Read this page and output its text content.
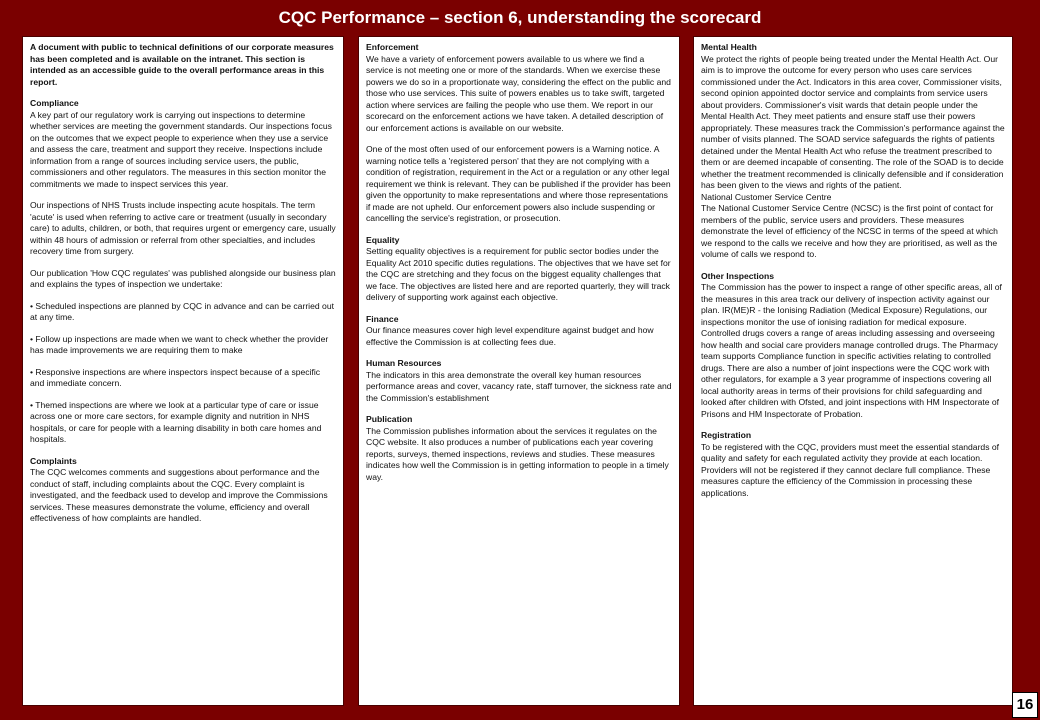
CQC Performance – section 6, understanding the scorecard

A document with public to technical definitions of our corporate measures has been completed and is available on the intranet. This section is intended as an accessible guide to the overall performance areas in this report.

Compliance
A key part of our regulatory work is carrying out inspections to determine whether services are meeting the government standards. Our inspections focus on the outcomes that we expect people to experience when they use a service and assess the care, treatment and support they receive. Inspections include information from a range of sources including service users, the public, commissioners and other regulators. The measures in this section monitor the commitments we made to inspect services this year.

Our inspections of NHS Trusts include inspecting acute hospitals. The term 'acute' is used when referring to active care or treatment (usually in secondary care) to adults, children, or both, that requires urgent or emergency care, usually within 48 hours of admission or referral from other specialties, and includes recovery time from surgery.

Our publication 'How CQC regulates' was published alongside our business plan and explains the types of inspection we undertake:

• Scheduled inspections are planned by CQC in advance and can be carried out at any time.

• Follow up inspections are made when we want to check whether the provider has made improvements we are requiring them to make

• Responsive inspections are where inspectors inspect because of a specific and immediate concern.

• Themed inspections are where we look at a particular type of care or issue across one or more care sectors, for example dignity and nutrition in NHS hospitals, or care for people with a learning disability in both care homes and hospitals.

Complaints
The CQC welcomes comments and suggestions about performance and the conduct of staff, including complaints about the CQC. Every complaint is investigated, and the feedback used to develop and improve the Commissions services. These measures demonstrate the volume, efficiency and overall effectiveness of how complaints are handled.

Enforcement
We have a variety of enforcement powers available to us where we find a service is not meeting one or more of the standards. When we exercise these powers we do so in a proportionate way, considering the effect on the public and those who use services. This suite of powers enables us to take swift, targeted action where services are failing the people who use them. We report in our scorecard on the enforcement actions we have taken. A detailed description of our enforcement actions is available on our website.

One of the most often used of our enforcement powers is a Warning notice. A warning notice tells a 'registered person' that they are not complying with a condition of registration, requirement in the Act or a regulation or any other legal requirement we think is relevant. They can be published if the provider has been given the opportunity to make representations and where those representations if made are not upheld. Our enforcement powers also include suspending or cancelling the service's registration, or prosecution.

Equality
Setting equality objectives is a requirement for public sector bodies under the Equality Act 2010 specific duties regulations. The objectives that we have set for the CQC are stretching and they focus on the biggest equality challenges that we face. The objectives are listed here and are reported quarterly, they will track delivery of supporting work against each objective.

Finance
Our finance measures cover high level expenditure against budget and how effective the Commission is at collecting fees due.

Human Resources
The indicators in this area demonstrate the overall key human resources performance areas and cover, vacancy rate, staff turnover, the sickness rate and the Commission's establishment

Publication
The Commission publishes information about the services it regulates on the CQC website. It also produces a number of publications each year covering reports, surveys, themed inspections, reviews and studies. These measures indicates how well the Commission is in getting information to people in a timely way.

Mental Health
We protect the rights of people being treated under the Mental Health Act. Our aim is to improve the outcome for every person who uses care services commissioned under the Act. Indicators in this area cover, Commissioner visits, second opinion appointed doctor service and complaints from service users about providers. Commissioner's visit wards that detain people under the Mental Health Act. They meet patients and ensure staff use their powers appropriately. These measures track the Commission's performance against the number of visits planned. The SOAD service safeguards the rights of patients detained under the Mental Health Act who refuse the treatment prescribed to them or are deemed incapable of consenting. The role of the SOAD is to decide whether the treatment recommended is clinically defensible and if consideration has been given to the views and rights of the patient.

National Customer Service Centre
The National Customer Service Centre (NCSC) is the first point of contact for members of the public, service users and providers. These measures demonstrate the level of efficiency of the NCSC in terms of the speed at which we respond to the calls we receive and how they are prioritised, as well as the volume of calls we respond to.

Other Inspections
The Commission has the power to inspect a range of other specific areas, all of the measures in this area track our delivery of inspection activity against our plan. IR(ME)R - the Ionising Radiation (Medical Exposure) Regulations, our inspections monitor the use of ionising radiation for medical exposure. Controlled drugs covers a range of areas including assessing and overseeing how health and social care providers manage controlled drugs. The Pharmacy team supports Compliance function in specific activities relating to controlled drugs. There are also a number of joint inspections were the CQC work with other regulators, for example a 3 year programme of inspections covering all local authority areas in terms of their provisions for child safeguarding and looked after children with Ofsted, and joint inspections with HM Inspectorate of Prisons and HM Inspectorate of Probation.

Registration
To be registered with the CQC, providers must meet the essential standards of quality and safety for each regulated activity they provide at each location. Providers will not be registered if they cannot declare full compliance. These measures capture the efficiency of the Commission in processing these applications.

16
